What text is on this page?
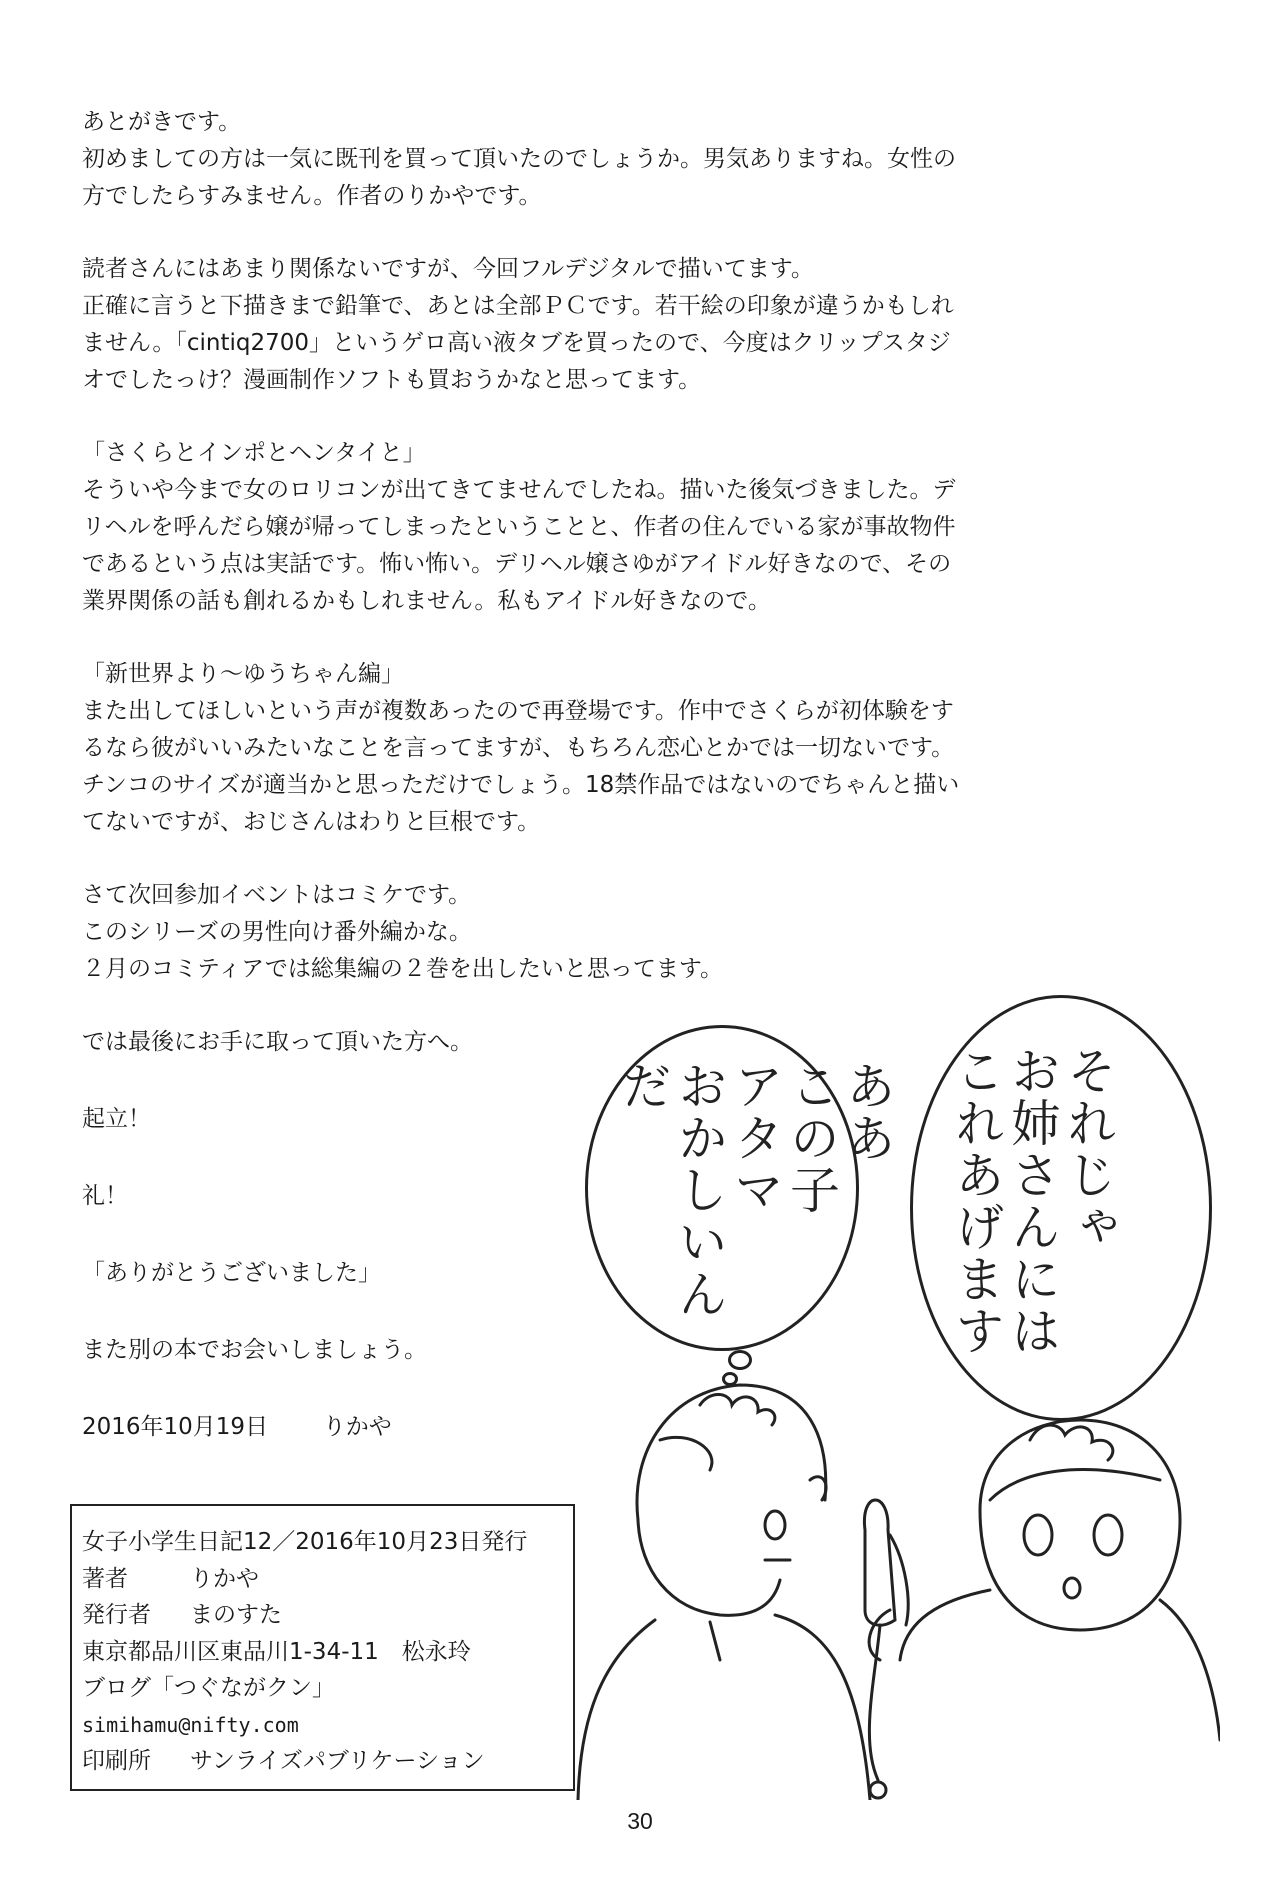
あとがきです。

初めましての方は一気に既刊を買って頂いたのでしょうか。男気ありますね。女性の

方でしたらすみません。作者のりかやです。

読者さんにはあまり関係ないですが、今回フルデジタルで描いてます。

正確に言うと下描きまで鉛筆で、あとは全部ＰＣです。若干絵の印象が違うかもしれ

ません。「cintiq2700」というゲロ高い液タブを買ったので、今度はクリップスタジ

オでしたっけ？漫画制作ソフトも買おうかなと思ってます。

「さくらとインポとヘンタイと」

そういや今まで女のロリコンが出てきてませんでしたね。描いた後気づきました。デ

リヘルを呼んだら嬢が帰ってしまったということと、作者の住んでいる家が事故物件

であるという点は実話です。怖い怖い。デリヘル嬢さゆがアイドル好きなので、その

業界関係の話も創れるかもしれません。私もアイドル好きなので。

「新世界より～ゆうちゃん編」

また出してほしいという声が複数あったので再登場です。作中でさくらが初体験をす

るなら彼がいいみたいなことを言ってますが、もちろん恋心とかでは一切ないです。

チンコのサイズが適当かと思っただけでしょう。18禁作品ではないのでちゃんと描い

てないですが、おじさんはわりと巨根です。

さて次回参加イベントはコミケです。

このシリーズの男性向け番外編かな。

２月のコミティアでは総集編の２巻を出したいと思ってます。

では最後にお手に取って頂いた方へ。

起立！

礼！

「ありがとうございました」

また別の本でお会いしましょう。

2016年10月19日 りかや

ああ
この子
アタマ
おかしいんだ	それじゃ
お姉さんには
これあげます

女子小学生日記12／2016年10月23日発行

著者	りかや

発行者 まのすた

東京都品川区東品川1-34-11　松永玲

ブログ「つぐながクン」

simihamu@nifty.com

印刷所 サンライズパブリケーション

30
